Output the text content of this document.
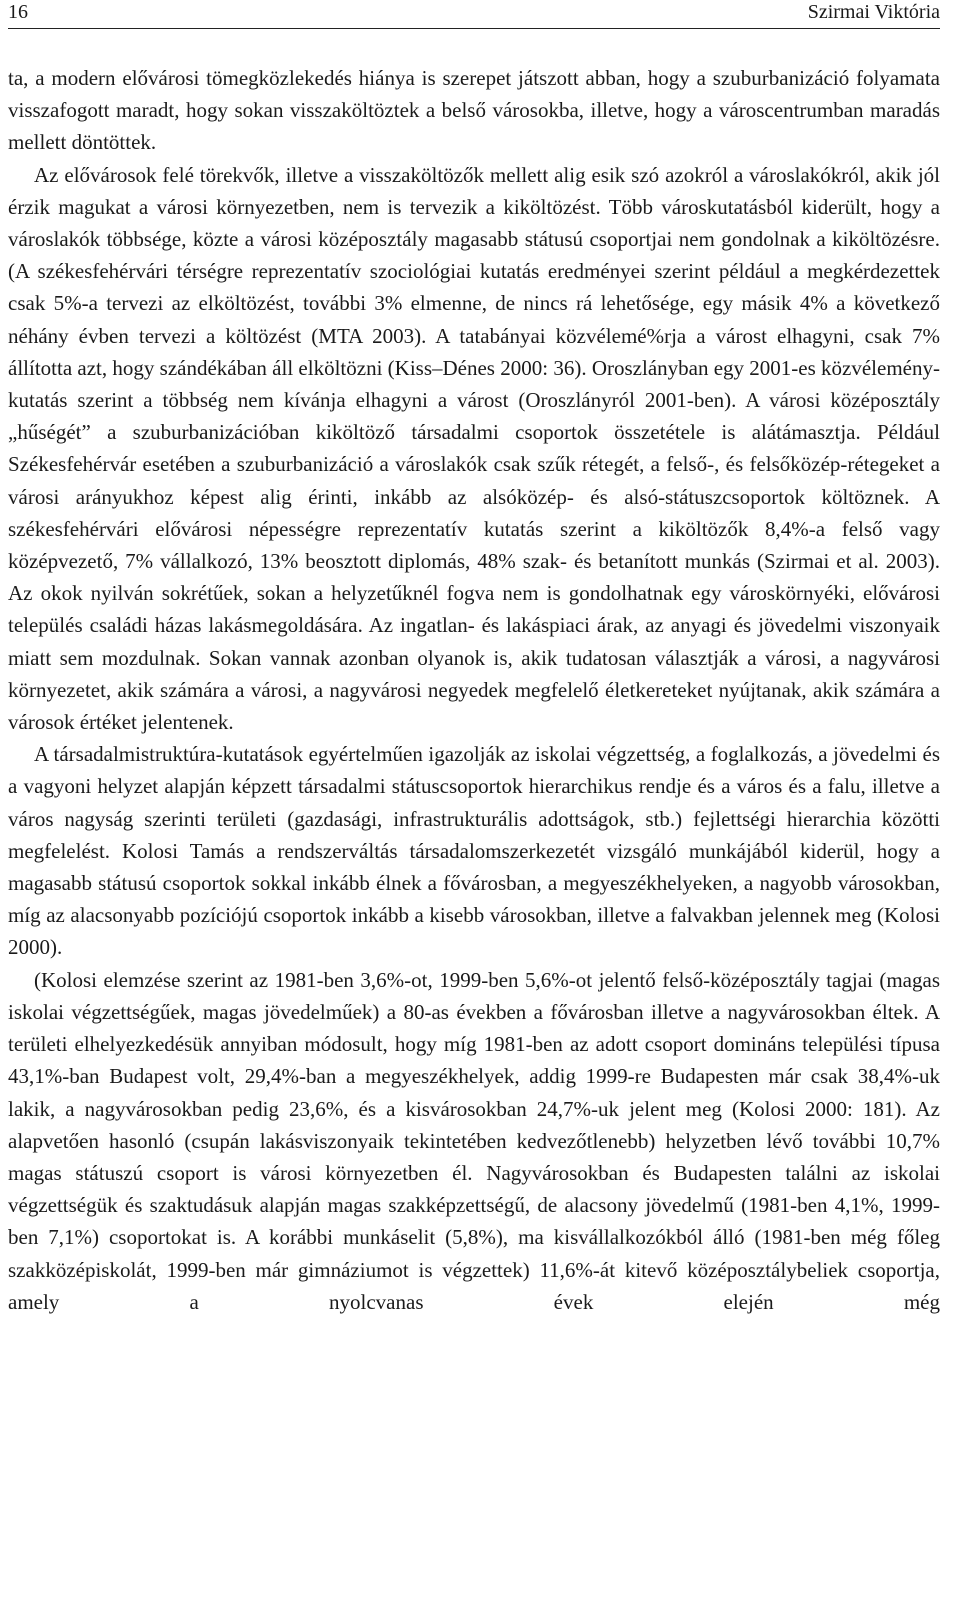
16	Szirmai Viktória

ta, a modern elővárosi tömegközlekedés hiánya is szerepet játszott abban, hogy a szuburbanizáció folyamata visszafogott maradt, hogy sokan visszaköltöztek a belső városokba, illetve, hogy a városcentrumban maradás mellett döntöttek.

Az elővárosok felé törekvők, illetve a visszaköltözők mellett alig esik szó azokról a városlakókról, akik jól érzik magukat a városi környezetben, nem is tervezik a kiköltözést. Több városkutatásból kiderült, hogy a városlakók többsége, közte a városi középosztály magasabb státusú csoportjai nem gondolnak a kiköltözésre. (A székesfehérvári térségre reprezentatív szociológiai kutatás eredményei szerint például a megkérdezettek csak 5%-a tervezi az elköltözést, további 3% elmenne, de nincs rá lehetősége, egy másik 4% a következő néhány évben tervezi a költözést (MTA 2003). A tatabányai közvélemé%rja a várost elhagyni, csak 7% állította azt, hogy szándékában áll elköltözni (Kiss–Dénes 2000: 36). Oroszlányban egy 2001-es közvélemény-kutatás szerint a többség nem kívánja elhagyni a várost (Oroszlányról 2001-ben). A városi középosztály „hűségét” a szuburbanizációban kiköltöző társadalmi csoportok összetétele is alátámasztja. Például Székesfehérvár esetében a szuburbanizáció a városlakók csak szűk rétegét, a felső-, és felsőközép-rétegeket a városi arányukhoz képest alig érinti, inkább az alsóközép- és alsó-státuszcsoportok költöznek. A székesfehérvári elővárosi népességre reprezentatív kutatás szerint a kiköltözők 8,4%-a felső vagy középvezető, 7% vállalkozó, 13% beosztott diplomás, 48% szak- és betanított munkás (Szirmai et al. 2003). Az okok nyilván sokrétűek, sokan a helyzetűknél fogva nem is gondolhatnak egy városkörnyéki, elővárosi település családi házas lakásmegoldására. Az ingatlan- és lakáspiaci árak, az anyagi és jövedelmi viszonyaik miatt sem mozdulnak. Sokan vannak azonban olyanok is, akik tudatosan választják a városi, a nagyvárosi környezetet, akik számára a városi, a nagyvárosi negyedek megfelelő életkereteket nyújtanak, akik számára a városok értéket jelentenek.

A társadalmistruktúra-kutatások egyértelműen igazolják az iskolai végzettség, a foglalkozás, a jövedelmi és a vagyoni helyzet alapján képzett társadalmi státuscsoportok hierarchikus rendje és a város és a falu, illetve a város nagyság szerinti területi (gazdasági, infrastrukturális adottságok, stb.) fejlettségi hierarchia közötti megfelelést. Kolosi Tamás a rendszerváltás társadalomszerkezetét vizsgáló munkájából kiderül, hogy a magasabb státusú csoportok sokkal inkább élnek a fővárosban, a megyeszékhelyeken, a nagyobb városokban, míg az alacsonyabb pozíciójú csoportok inkább a kisebb városokban, illetve a falvakban jelennek meg (Kolosi 2000).

(Kolosi elemzése szerint az 1981-ben 3,6%-ot, 1999-ben 5,6%-ot jelentő felső-középosztály tagjai (magas iskolai végzettségűek, magas jövedelműek) a 80-as években a fővárosban illetve a nagyvárosokban éltek. A területi elhelyezkedésük annyiban módosult, hogy míg 1981-ben az adott csoport domináns települési típusa 43,1%-ban Budapest volt, 29,4%-ban a megyeszékhelyek, addig 1999-re Budapesten már csak 38,4%-uk lakik, a nagyvárosokban pedig 23,6%, és a kisvárosokban 24,7%-uk jelent meg (Kolosi 2000: 181). Az alapvetően hasonló (csupán lakásviszonyaik tekintetében kedvezőtlenebb) helyzetben lévő további 10,7% magas státuszú csoport is városi környezetben él. Nagyvárosokban és Budapesten találni az iskolai végzettségük és szaktudásuk alapján magas szakképzettségű, de alacsony jövedelmű (1981-ben 4,1%, 1999-ben 7,1%) csoportokat is. A korábbi munkáselit (5,8%), ma kisvállalkozókból álló (1981-ben még főleg szakközépiskolát, 1999-ben már gimnáziumot is végzettek) 11,6%-át kitevő középosztálybeliek csoportja, amely a nyolcvanas évek elején még
